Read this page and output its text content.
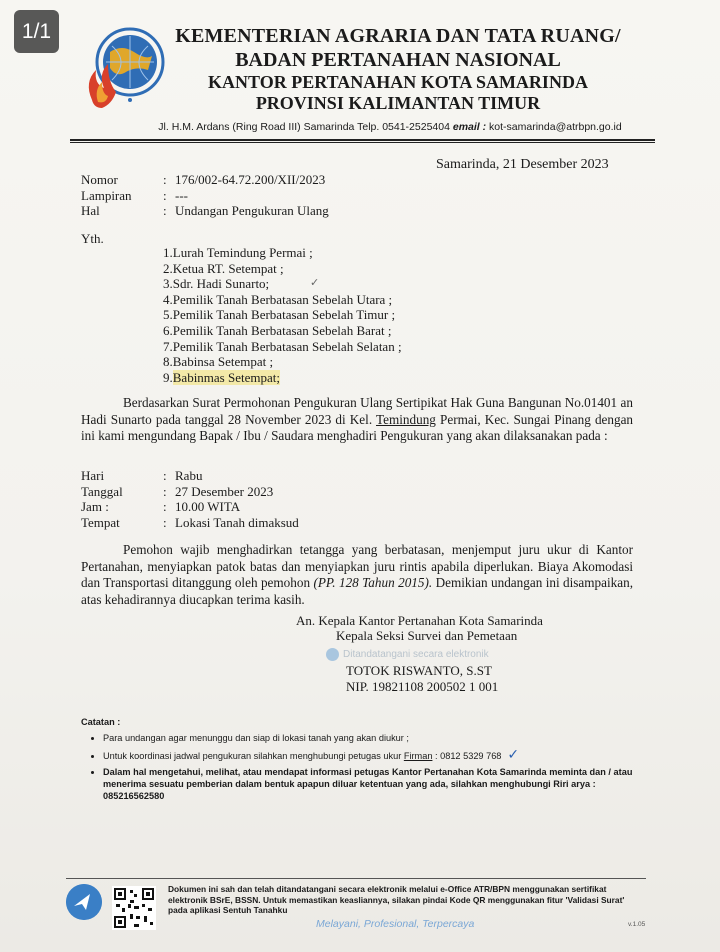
1/1	KEMENTERIAN AGRARIA DAN TATA RUANG/
BADAN PERTANAHAN NASIONAL
KANTOR PERTANAHAN KOTA SAMARINDA
PROVINSI KALIMANTAN TIMUR
Jl. H.M. Ardans (Ring Road III) Samarinda Telp. 0541-2525404 email : kot-samarinda@atrbpn.go.id
Samarinda, 21 Desember 2023
Nomor	: 176/002-64.72.200/XII/2023
Lampiran	: ---
Hal	: Undangan Pengukuran Ulang
Yth.
1.Lurah Temindung Permai ;
2.Ketua RT. Setempat ;
3.Sdr. Hadi Sunarto;
4.Pemilik Tanah Berbatasan Sebelah Utara ;
5.Pemilik Tanah Berbatasan Sebelah Timur ;
6.Pemilik Tanah Berbatasan Sebelah Barat ;
7.Pemilik Tanah Berbatasan Sebelah Selatan ;
8.Babinsa Setempat ;
9.Babinmas Setempat;
✓
Berdasarkan Surat Permohonan Pengukuran Ulang Sertipikat Hak Guna Bangunan No.01401 an Hadi Sunarto pada tanggal 28 November 2023 di Kel. Temindung Permai, Kec. Sungai Pinang dengan ini kami mengundang Bapak / Ibu / Saudara menghadiri Pengukuran yang akan dilaksanakan pada :
Hari	: Rabu
Tanggal	: 27 Desember 2023
Jam :	: 10.00 WITA
Tempat	: Lokasi Tanah dimaksud
Pemohon wajib menghadirkan tetangga yang berbatasan, menjemput juru ukur di Kantor Pertanahan, menyiapkan patok batas dan menyiapkan juru rintis apabila diperlukan. Biaya Akomodasi dan Transportasi ditanggung oleh pemohon (PP. 128 Tahun 2015). Demikian undangan ini disampaikan, atas kehadirannya diucapkan terima kasih.
An. Kepala Kantor Pertanahan Kota Samarinda
Kepala Seksi Survei dan Pemetaan
Ditandatangani secara elektronik
TOTOK RISWANTO, S.ST
NIP. 19821108 200502 1 001
Catatan :
• Para undangan agar menunggu dan siap di lokasi tanah yang akan diukur ;
• Untuk koordinasi jadwal pengukuran silahkan menghubungi petugas ukur Firman : 0812 5329 768 ✓
• Dalam hal mengetahui, melihat, atau mendapat informasi petugas Kantor Pertanahan Kota Samarinda meminta dan / atau menerima sesuatu pemberian dalam bentuk apapun diluar ketentuan yang ada, silahkan menghubungi Riri arya : 085216562580
Dokumen ini sah dan telah ditandatangani secara elektronik melalui e-Office ATR/BPN menggunakan sertifikat elektronik BSrE, BSSN. Untuk memastikan keasliannya, silakan pindai Kode QR menggunakan fitur 'Validasi Surat' pada aplikasi Sentuh Tanahku
Melayani, Profesional, Terpercaya	v.1.05
